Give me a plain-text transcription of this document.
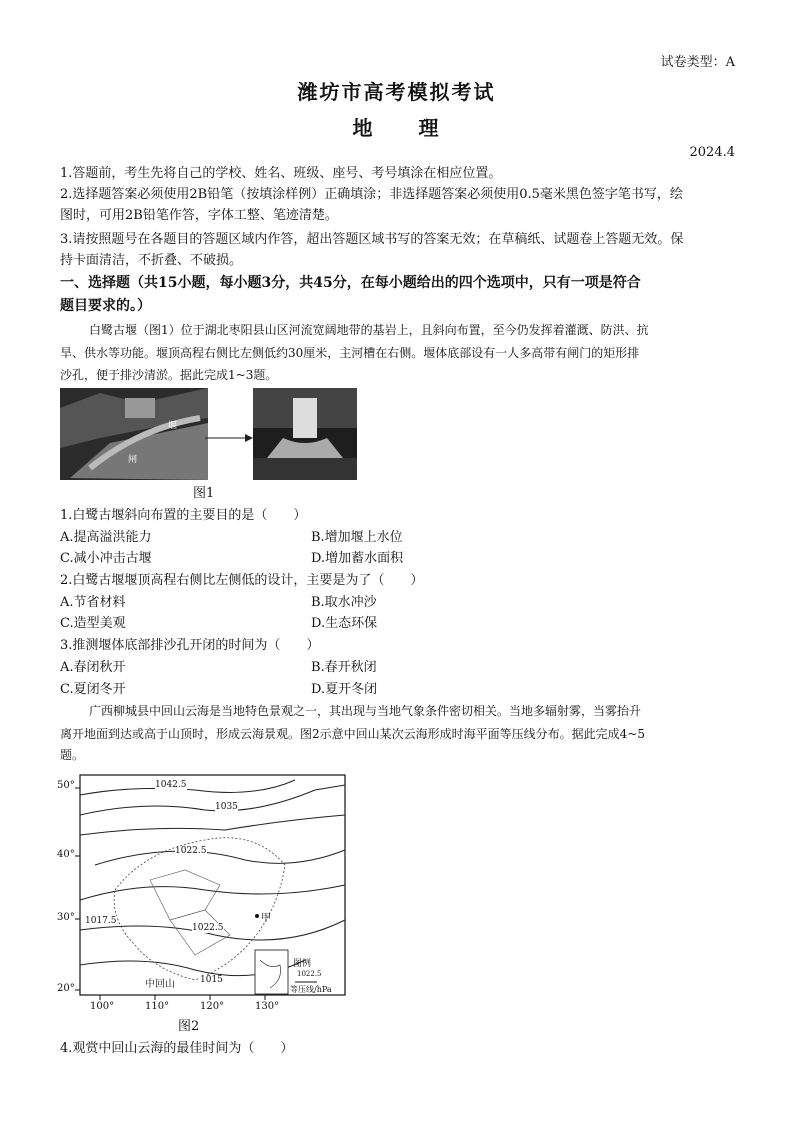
试卷类型：A
潍坊市高考模拟考试
地　　理
2024.4
1.答题前，考生先将自己的学校、姓名、班级、座号、考号填涂在相应位置。
2.选择题答案必须使用2B铅笔（按填涂样例）正确填涂；非选择题答案必须使用0.5毫米黑色签字笔书写，绘
图时，可用2B铅笔作答，字体工整、笔迹清楚。
3.请按照题号在各题目的答题区域内作答，超出答题区域书写的答案无效；在草稿纸、试题卷上答题无效。保
持卡面清洁，不折叠、不破损。
一、选择题（共15小题，每小题3分，共45分，在每小题给出的四个选项中，只有一项是符合
题目要求的。）
白鹭古堰（图1）位于湖北枣阳县山区河流宽阔地带的基岩上，且斜向布置，至今仍发挥着灌溉、防洪、抗
旱、供水等功能。堰顶高程右侧比左侧低约30厘米，主河槽在右侧。堰体底部设有一人多高带有闸门的矩形排
沙孔，便于排沙清淤。据此完成1~3题。
堰
闸
图1
1.白鹭古堰斜向布置的主要目的是（　　）
A.提高溢洪能力	B.增加堰上水位
C.减小冲击古堰	D.增加蓄水面积
2.白鹭古堰堰顶高程右侧比左侧低的设计，主要是为了（　　）
A.节省材料	B.取水冲沙
C.造型美观	D.生态环保
3.推测堰体底部排沙孔开闭的时间为（　　）
A.春闭秋开	B.春开秋闭
C.夏闭冬开	D.夏开冬闭
广西柳城县中回山云海是当地特色景观之一，其出现与当地气象条件密切相关。当地多辐射雾，当雾抬升
离开地面到达或高于山顶时，形成云海景观。图2示意中回山某次云海形成时海平面等压线分布。据此完成4~5
题。
50°
40°
30°
20°
100°	110°	120°	130°
1042.5
1035
1022.5
1017.5
1022.5
1015
甲
中回山
图例
1022.5
等压线/hPa
图2
4.观赏中回山云海的最佳时间为（　　）
